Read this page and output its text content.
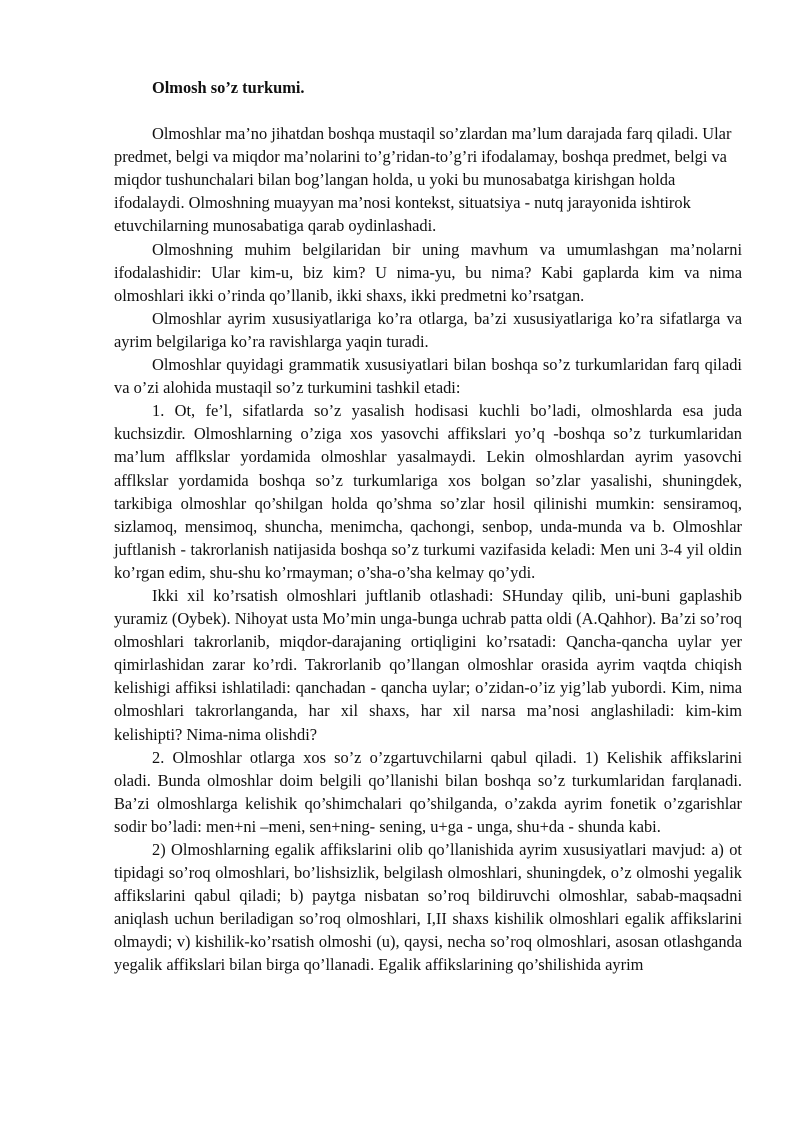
Olmosh so’z turkumi.

Olmoshlar ma’no jihatdan boshqa mustaqil so’zlardan ma’lum darajada farq qiladi. Ular predmet, belgi va miqdor ma’nolarini to’g’ridan-to’g’ri ifodalamay, boshqa predmet, belgi va miqdor tushunchalari bilan bog’langan holda, u yoki bu munosabatga kirishgan holda ifodalaydi. Olmoshning muayyan ma’nosi kontekst, situatsiya - nutq jarayonida ishtirok etuvchilarning munosabatiga qarab oydinlashadi.

Olmoshning muhim belgilaridan bir uning mavhum va umumlashgan ma’nolarni ifodalashidir: Ular kim-u, biz kim? U nima-yu, bu nima? Kabi gaplarda kim va nima olmoshlari ikki o’rinda qo’llanib, ikki shaxs, ikki predmetni ko’rsatgan.

Olmoshlar ayrim xususiyatlariga ko’ra otlarga, ba’zi xususiyatlariga ko’ra sifatlarga va ayrim belgilariga ko’ra ravishlarga yaqin turadi.

Olmoshlar quyidagi grammatik xususiyatlari bilan boshqa so’z turkumlaridan farq qiladi va o’zi alohida mustaqil so’z turkumini tashkil etadi:

1. Ot, fe’l, sifatlarda so’z yasalish hodisasi kuchli bo’ladi, olmoshlarda esa juda kuchsizdir. Olmoshlarning o’ziga xos yasovchi affikslari yo’q -boshqa so’z turkumlaridan ma’lum afflkslar yordamida olmoshlar yasalmaydi. Lekin olmoshlardan ayrim yasovchi afflkslar yordamida boshqa so’z turkumlariga xos bolgan so’zlar yasalishi, shuningdek, tarkibiga olmoshlar qo’shilgan holda qo’shma so’zlar hosil qilinishi mumkin: sensiramoq, sizlamoq, mensimoq, shuncha, menimcha, qachongi, senbop, unda-munda va b. Olmoshlar juftlanish - takrorlanish natijasida boshqa so’z turkumi vazifasida keladi: Men uni 3-4 yil oldin ko’rgan edim, shu-shu ko’rmayman; o’sha-o’sha kelmay qo’ydi.

Ikki xil ko’rsatish olmoshlari juftlanib otlashadi: SHunday qilib, uni-buni gaplashib yuramiz (Oybek). Nihoyat usta Mo’min unga-bunga uchrab patta oldi (A.Qahhor). Ba’zi so’roq olmoshlari takrorlanib, miqdor-darajaning ortiqligini ko’rsatadi: Qancha-qancha uylar yer qimirlashidan zarar ko’rdi. Takrorlanib qo’llangan olmoshlar orasida ayrim vaqtda chiqish kelishigi affiksi ishlatiladi: qanchadan - qancha uylar; o’zidan-o’iz yig’lab yubordi. Kim, nima olmoshlari takrorlanganda, har xil shaxs, har xil narsa ma’nosi anglashiladi: kim-kim kelishipti? Nima-nima olishdi?

2. Olmoshlar otlarga xos so’z o’zgartuvchilarni qabul qiladi. 1) Kelishik affikslarini oladi. Bunda olmoshlar doim belgili qo’llanishi bilan boshqa so’z turkumlaridan farqlanadi. Ba’zi olmoshlarga kelishik qo’shimchalari qo’shilganda, o’zakda ayrim fonetik o’zgarishlar sodir bo’ladi: men+ni –meni, sen+ning- sening, u+ga - unga, shu+da - shunda kabi.

2) Olmoshlarning egalik affikslarini olib qo’llanishida ayrim xususiyatlari mavjud: a) ot tipidagi so’roq olmoshlari, bo’lishsizlik, belgilash olmoshlari, shuningdek, o’z olmoshi yegalik affikslarini qabul qiladi; b) paytga nisbatan so’roq bildiruvchi olmoshlar, sabab-maqsadni aniqlash uchun beriladigan so’roq olmoshlari, I,II shaxs kishilik olmoshlari egalik affikslarini olmaydi; v) kishilik-ko’rsatish olmoshi (u), qaysi, necha so’roq olmoshlari, asosan otlashganda yegalik affikslari bilan birga qo’llanadi. Egalik affikslarining qo’shilishida ayrim
